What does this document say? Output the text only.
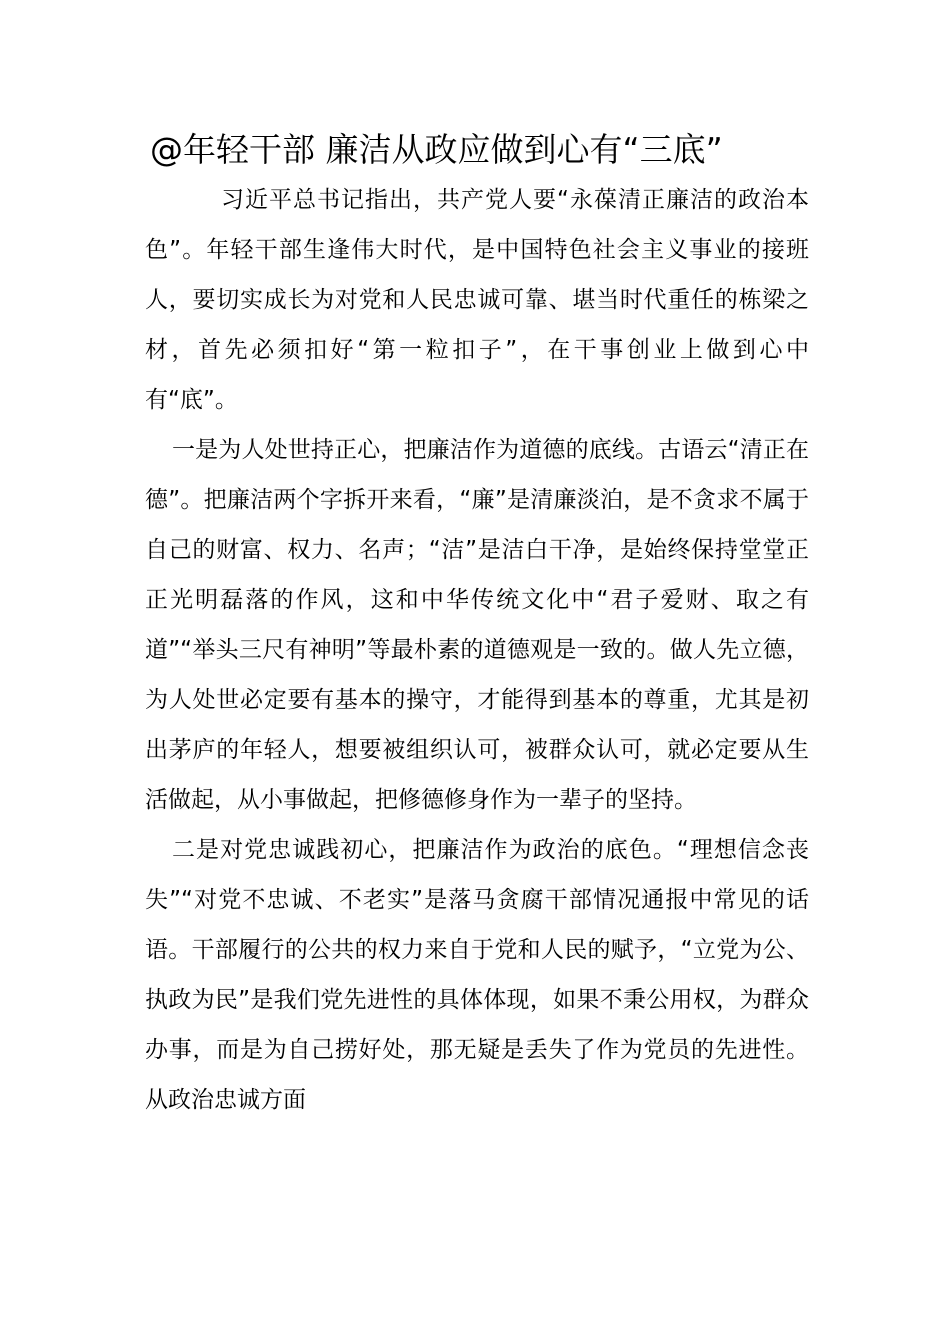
@年轻干部 廉洁从政应做到心有“三底”

习近平总书记指出，共产党人要“永葆清正廉洁的政治本色”。年轻干部生逢伟大时代，是中国特色社会主义事业的接班人，要切实成长为对党和人民忠诚可靠、堪当时代重任的栋梁之材，首先必须扣好“第一粒扣子”，在干事创业上做到心中有“底”。

一是为人处世持正心，把廉洁作为道德的底线。古语云“清正在德”。把廉洁两个字拆开来看，“廉”是清廉淡泊，是不贪求不属于自己的财富、权力、名声；“洁”是洁白干净，是始终保持堂堂正正光明磊落的作风，这和中华传统文化中“君子爱财、取之有道”“举头三尺有神明”等最朴素的道德观是一致的。做人先立德，为人处世必定要有基本的操守，才能得到基本的尊重，尤其是初出茅庐的年轻人，想要被组织认可，被群众认可，就必定要从生活做起，从小事做起，把修德修身作为一辈子的坚持。

二是对党忠诚践初心，把廉洁作为政治的底色。“理想信念丧失”“对党不忠诚、不老实”是落马贪腐干部情况通报中常见的话语。干部履行的公共的权力来自于党和人民的赋予，“立党为公、执政为民”是我们党先进性的具体体现，如果不秉公用权，为群众办事，而是为自己捞好处，那无疑是丢失了作为党员的先进性。从政治忠诚方面
